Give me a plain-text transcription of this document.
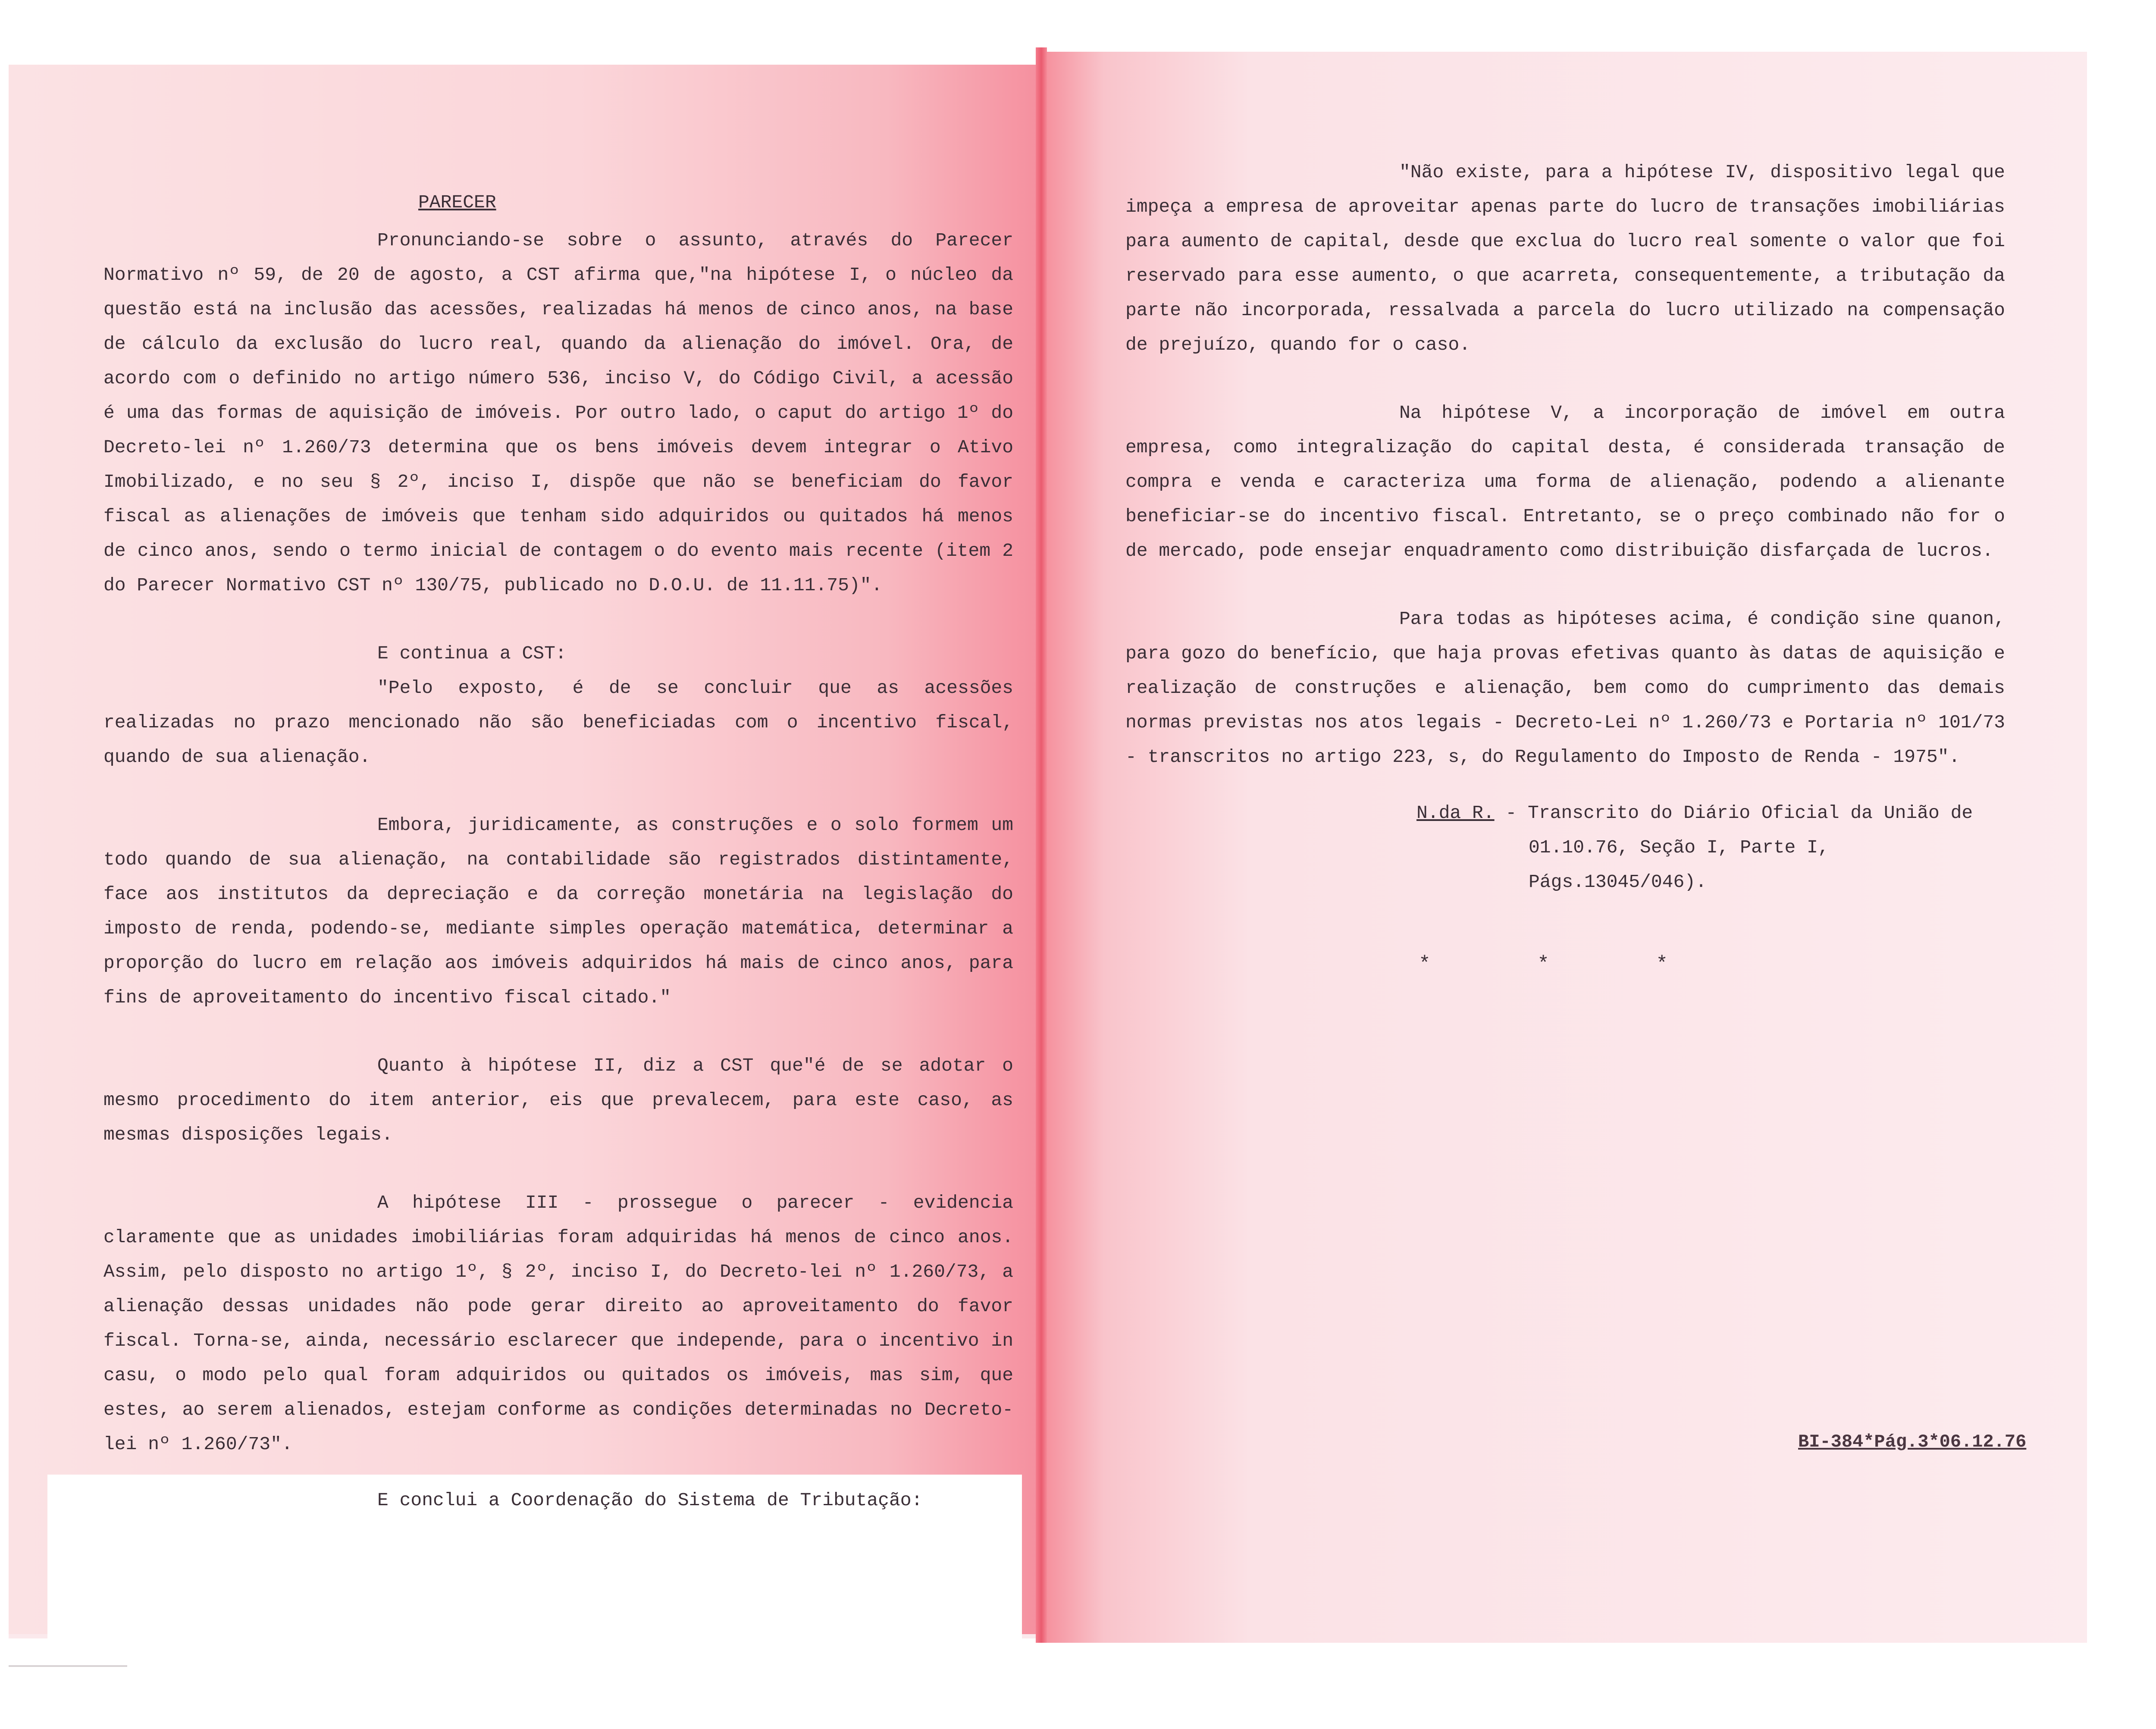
PARECER

Pronunciando-se sobre o assunto, através do Parecer Normativo nº 59, de 20 de agosto, a CST afirma que,"na hipótese I, o núcleo da questão está na inclusão das acessões, realizadas há menos de cinco anos, na base de cálculo da exclusão do lucro real, quando da alienação do imóvel. Ora, de acordo com o definido no artigo número 536, inciso V, do Código Civil, a acessão é uma das formas de aquisição de imóveis. Por outro lado, o caput do artigo 1º do Decreto-lei nº 1.260/73 determina que os bens imóveis devem integrar o Ativo Imobilizado, e no seu § 2º, inciso I, dispõe que não se beneficiam do favor fiscal as alienações de imóveis que tenham sido adquiridos ou quitados há menos de cinco anos, sendo o termo inicial de contagem o do evento mais recente (item 2 do Parecer Normativo CST nº 130/75, publicado no D.O.U. de 11.11.75)".

E continua a CST:

"Pelo exposto, é de se concluir que as acessões realizadas no prazo mencionado não são beneficiadas com o incentivo fiscal, quando de sua alienação.

Embora, juridicamente, as construções e o solo formem um todo quando de sua alienação, na contabilidade são registrados distintamente, face aos institutos da depreciação e da correção monetária na legislação do imposto de renda, podendo-se, mediante simples operação matemática, determinar a proporção do lucro em relação aos imóveis adquiridos há mais de cinco anos, para fins de aproveitamento do incentivo fiscal citado."

Quanto à hipótese II, diz a CST que"é de se adotar o mesmo procedimento do item anterior, eis que prevalecem, para este caso, as mesmas disposições legais.

A hipótese III - prossegue o parecer - evidencia claramente que as unidades imobiliárias foram adquiridas há menos de cinco anos. Assim, pelo disposto no artigo 1º, § 2º, inciso I, do Decreto-lei nº 1.260/73, a alienação dessas unidades não pode gerar direito ao aproveitamento do favor fiscal. Torna-se, ainda, necessário esclarecer que independe, para o incentivo in casu, o modo pelo qual foram adquiridos ou quitados os imóveis, mas sim, que estes, ao serem alienados, estejam conforme as condições determinadas no Decreto-lei nº 1.260/73".

E conclui a Coordenação do Sistema de Tributação:

"Não existe, para a hipótese IV, dispositivo legal que impeça a empresa de aproveitar apenas parte do lucro de transações imobiliárias para aumento de capital, desde que exclua do lucro real somente o valor que foi reservado para esse aumento, o que acarreta, consequentemente, a tributação da parte não incorporada, ressalvada a parcela do lucro utilizado na compensação de prejuízo, quando for o caso.

Na hipótese V, a incorporação de imóvel em outra empresa, como integralização do capital desta, é considerada transação de compra e venda e caracteriza uma forma de alienação, podendo a alienante beneficiar-se do incentivo fiscal. Entretanto, se o preço combinado não for o de mercado, pode ensejar enquadramento como distribuição disfarçada de lucros.

Para todas as hipóteses acima, é condição sine quanon, para gozo do benefício, que haja provas efetivas quanto às datas de aquisição e realização de construções e alienação, bem como do cumprimento das demais normas previstas nos atos legais - Decreto-Lei nº 1.260/73 e Portaria nº 101/73 - transcritos no artigo 223, s, do Regulamento do Imposto de Renda - 1975".

N.da R. - Transcrito do Diário Oficial da União de

01.10.76, Seção I, Parte I, Págs.13045/046).

* * *

BI-384*Pág.3*06.12.76
